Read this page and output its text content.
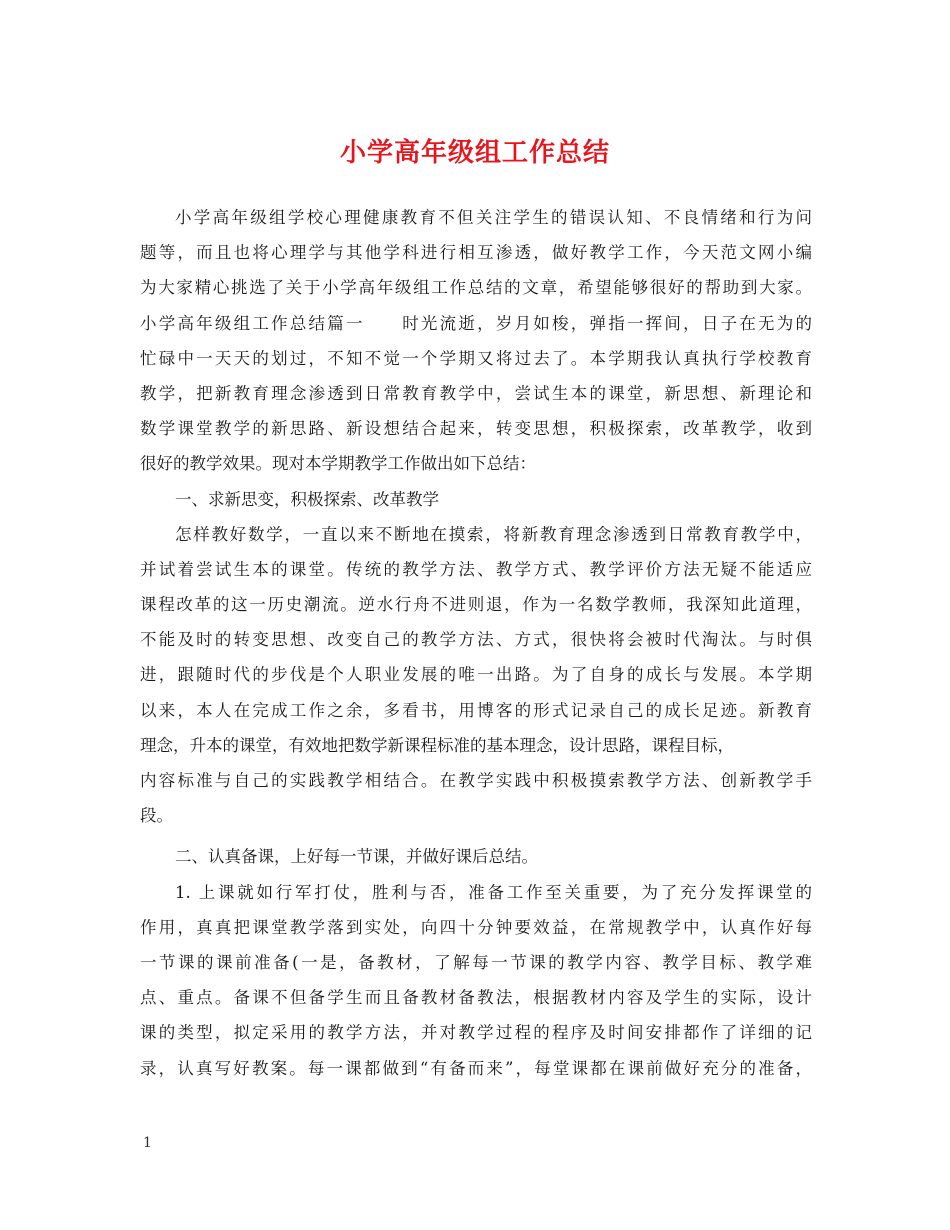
小学高年级组工作总结
小学高年级组学校心理健康教育不但关注学生的错误认知、不良情绪和行为问
题等，而且也将心理学与其他学科进行相互渗透，做好教学工作，今天范文网小编
为大家精心挑选了关于小学高年级组工作总结的文章，希望能够很好的帮助到大家。
小学高年级组工作总结篇一　　时光流逝，岁月如梭，弹指一挥间，日子在无为的
忙碌中一天天的划过，不知不觉一个学期又将过去了。本学期我认真执行学校教育
教学，把新教育理念渗透到日常教育教学中，尝试生本的课堂，新思想、新理论和
数学课堂教学的新思路、新设想结合起来，转变思想，积极探索，改革教学，收到
很好的教学效果。现对本学期教学工作做出如下总结：
一、求新思变，积极探索、改革教学
怎样教好数学，一直以来不断地在摸索，将新教育理念渗透到日常教育教学中，
并试着尝试生本的课堂。传统的教学方法、教学方式、教学评价方法无疑不能适应
课程改革的这一历史潮流。逆水行舟不进则退，作为一名数学教师，我深知此道理，
不能及时的转变思想、改变自己的教学方法、方式，很快将会被时代淘汰。与时俱
进，跟随时代的步伐是个人职业发展的唯一出路。为了自身的成长与发展。本学期
以来，本人在完成工作之余，多看书，用博客的形式记录自己的成长足迹。新教育
理念，升本的课堂，有效地把数学新课程标准的基本理念，设计思路，课程目标，
内容标准与自己的实践教学相结合。在教学实践中积极摸索教学方法、创新教学手
段。
二、认真备课，上好每一节课，并做好课后总结。
1. 上课就如行军打仗，胜利与否，准备工作至关重要，为了充分发挥课堂的
作用，真真把课堂教学落到实处，向四十分钟要效益，在常规教学中，认真作好每
一节课的课前准备(一是，备教材，了解每一节课的教学内容、教学目标、教学难
点、重点。备课不但备学生而且备教材备教法，根据教材内容及学生的实际，设计
课的类型，拟定采用的教学方法，并对教学过程的程序及时间安排都作了详细的记
录，认真写好教案。每一课都做到“有备而来”，每堂课都在课前做好充分的准备，
1
